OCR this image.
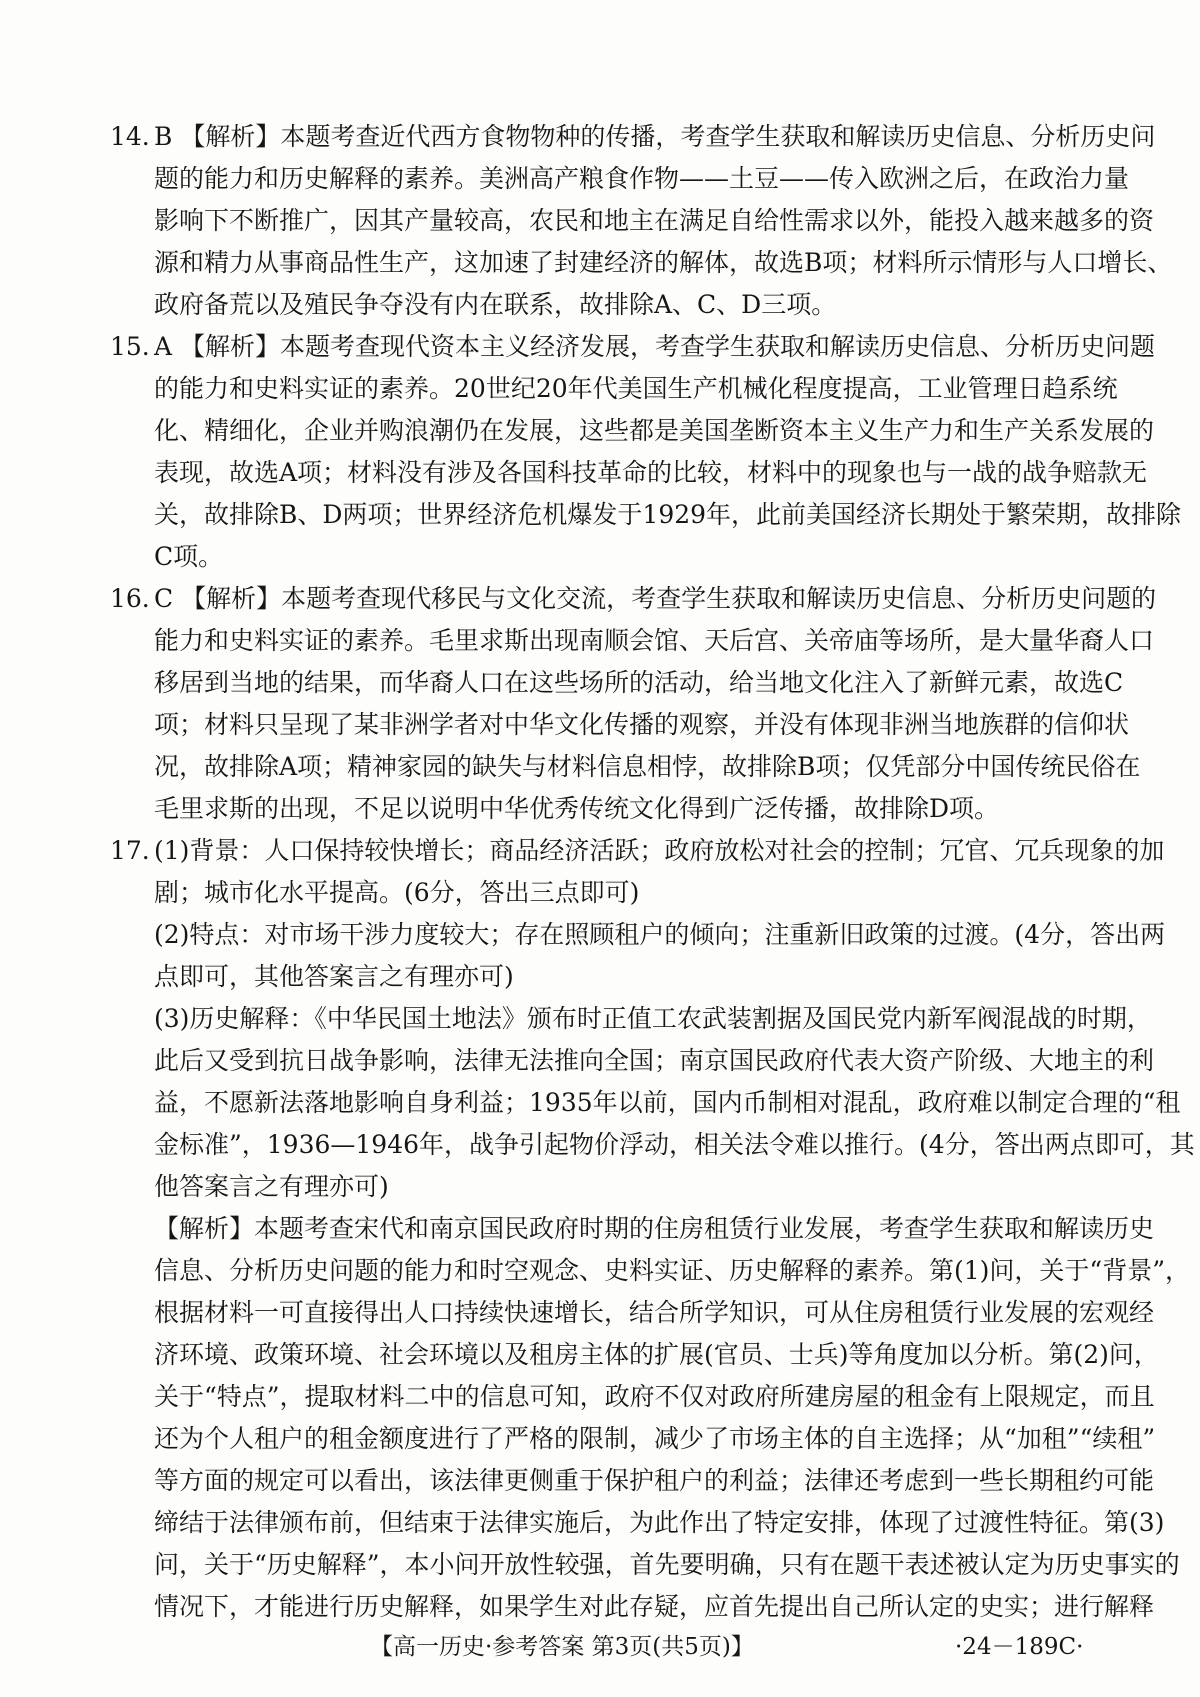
14. B 【解析】本题考查近代西方食物物种的传播，考查学生获取和解读历史信息、分析历史问
题的能力和历史解释的素养。美洲高产粮食作物——土豆——传入欧洲之后，在政治力量
影响下不断推广，因其产量较高，农民和地主在满足自给性需求以外，能投入越来越多的资
源和精力从事商品性生产，这加速了封建经济的解体，故选B项；材料所示情形与人口增长、
政府备荒以及殖民争夺没有内在联系，故排除A、C、D三项。
15. A 【解析】本题考查现代资本主义经济发展，考查学生获取和解读历史信息、分析历史问题
的能力和史料实证的素养。20世纪20年代美国生产机械化程度提高，工业管理日趋系统
化、精细化，企业并购浪潮仍在发展，这些都是美国垄断资本主义生产力和生产关系发展的
表现，故选A项；材料没有涉及各国科技革命的比较，材料中的现象也与一战的战争赔款无
关，故排除B、D两项；世界经济危机爆发于1929年，此前美国经济长期处于繁荣期，故排除
C项。
16. C 【解析】本题考查现代移民与文化交流，考查学生获取和解读历史信息、分析历史问题的
能力和史料实证的素养。毛里求斯出现南顺会馆、天后宫、关帝庙等场所，是大量华裔人口
移居到当地的结果，而华裔人口在这些场所的活动，给当地文化注入了新鲜元素，故选C
项；材料只呈现了某非洲学者对中华文化传播的观察，并没有体现非洲当地族群的信仰状
况，故排除A项；精神家园的缺失与材料信息相悖，故排除B项；仅凭部分中国传统民俗在
毛里求斯的出现，不足以说明中华优秀传统文化得到广泛传播，故排除D项。
17. (1)背景：人口保持较快增长；商品经济活跃；政府放松对社会的控制；冗官、冗兵现象的加
剧；城市化水平提高。(6分，答出三点即可)
(2)特点：对市场干涉力度较大；存在照顾租户的倾向；注重新旧政策的过渡。(4分，答出两
点即可，其他答案言之有理亦可)
(3)历史解释：《中华民国土地法》颁布时正值工农武装割据及国民党内新军阀混战的时期，
此后又受到抗日战争影响，法律无法推向全国；南京国民政府代表大资产阶级、大地主的利
益，不愿新法落地影响自身利益；1935年以前，国内币制相对混乱，政府难以制定合理的“租
金标准”，1936—1946年，战争引起物价浮动，相关法令难以推行。(4分，答出两点即可，其
他答案言之有理亦可)
【解析】本题考查宋代和南京国民政府时期的住房租赁行业发展，考查学生获取和解读历史
信息、分析历史问题的能力和时空观念、史料实证、历史解释的素养。第(1)问，关于“背景”，
根据材料一可直接得出人口持续快速增长，结合所学知识，可从住房租赁行业发展的宏观经
济环境、政策环境、社会环境以及租房主体的扩展(官员、士兵)等角度加以分析。第(2)问，
关于“特点”，提取材料二中的信息可知，政府不仅对政府所建房屋的租金有上限规定，而且
还为个人租户的租金额度进行了严格的限制，减少了市场主体的自主选择；从“加租”“续租”
等方面的规定可以看出，该法律更侧重于保护租户的利益；法律还考虑到一些长期租约可能
缔结于法律颁布前，但结束于法律实施后，为此作出了特定安排，体现了过渡性特征。第(3)
问，关于“历史解释”，本小问开放性较强，首先要明确，只有在题干表述被认定为历史事实的
情况下，才能进行历史解释，如果学生对此存疑，应首先提出自己所认定的史实；进行解释
【高一历史·参考答案 第3页(共5页)】	·24－189C·
